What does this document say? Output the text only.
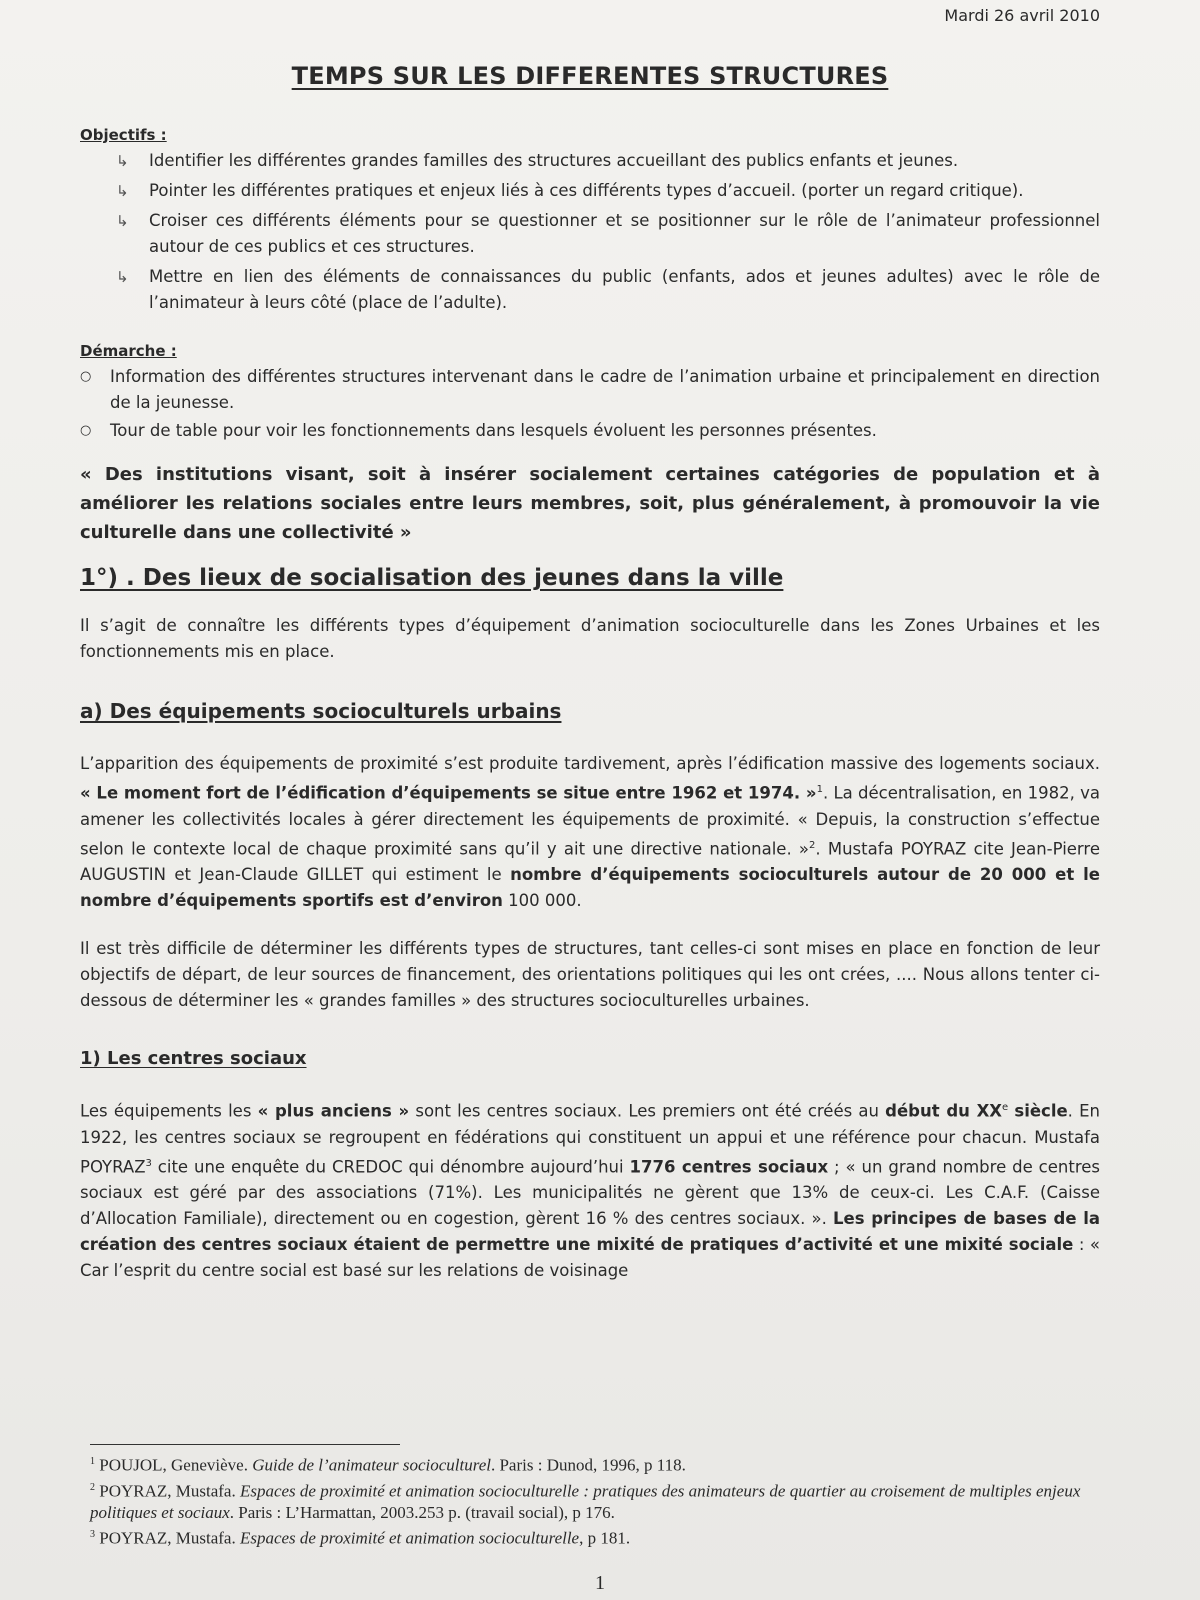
Mardi 26 avril 2010
TEMPS SUR LES DIFFERENTES STRUCTURES

Objectifs :

↳ Identifier les différentes grandes familles des structures accueillant des publics enfants et jeunes.
↳ Pointer les différentes pratiques et enjeux liés à ces différents types d’accueil. (porter un regard critique).
↳ Croiser ces différents éléments pour se questionner et se positionner sur le rôle de l’animateur professionnel autour de ces publics et ces structures.
↳ Mettre en lien des éléments de connaissances du public (enfants, ados et jeunes adultes) avec le rôle de l’animateur à leurs côté (place de l’adulte).

Démarche :

○ Information des différentes structures intervenant dans le cadre de l’animation urbaine et principalement en direction de la jeunesse.
○ Tour de table pour voir les fonctionnements dans lesquels évoluent les personnes présentes.

« Des institutions visant, soit à insérer socialement certaines catégories de population et à améliorer les relations sociales entre leurs membres, soit, plus généralement, à promouvoir la vie culturelle dans une collectivité »

1°) . Des lieux de socialisation des jeunes dans la ville

Il s’agit de connaître les différents types d’équipement d’animation socioculturelle dans les Zones Urbaines et les fonctionnements mis en place.

a) Des équipements socioculturels urbains

L’apparition des équipements de proximité s’est produite tardivement, après l’édification massive des logements sociaux. « Le moment fort de l’édification d’équipements se situe entre 1962 et 1974. »$^1$. La décentralisation, en 1982, va amener les collectivités locales à gérer directement les équipements de proximité. « Depuis, la construction s’effectue selon le contexte local de chaque proximité sans qu’il y ait une directive nationale. »$^2$. Mustafa POYRAZ cite Jean-Pierre AUGUSTIN et Jean-Claude GILLET qui estiment le nombre d’équipements socioculturels autour de 20 000 et le nombre d’équipements sportifs est d’environ 100 000.

Il est très difficile de déterminer les différents types de structures, tant celles-ci sont mises en place en fonction de leur objectifs de départ, de leur sources de financement, des orientations politiques qui les ont crées, .... Nous allons tenter ci-dessous de déterminer les « grandes familles » des structures socioculturelles urbaines.

1) Les centres sociaux

Les équipements les « plus anciens » sont les centres sociaux. Les premiers ont été créés au début du XXe siècle. En 1922, les centres sociaux se regroupent en fédérations qui constituent un appui et une référence pour chacun. Mustafa POYRAZ$^3$ cite une enquête du CREDOC qui dénombre aujourd’hui 1776 centres sociaux ; « un grand nombre de centres sociaux est géré par des associations (71%). Les municipalités ne gèrent que 13% de ceux-ci. Les C.A.F. (Caisse d’Allocation Familiale), directement ou en cogestion, gèrent 16 % des centres sociaux. ». Les principes de bases de la création des centres sociaux étaient de permettre une mixité de pratiques d’activité et une mixité sociale : « Car l’esprit du centre social est basé sur les relations de voisinage

$^1$ POUJOL, Geneviève. Guide de l’animateur socioculturel. Paris : Dunod, 1996, p 118.

$^2$ POYRAZ, Mustafa. Espaces de proximité et animation socioculturelle : pratiques des animateurs de quartier au croisement de multiples enjeux politiques et sociaux. Paris : L’Harmattan, 2003.253 p. (travail social), p 176.

$^3$ POYRAZ, Mustafa. Espaces de proximité et animation socioculturelle, p 181.

1
